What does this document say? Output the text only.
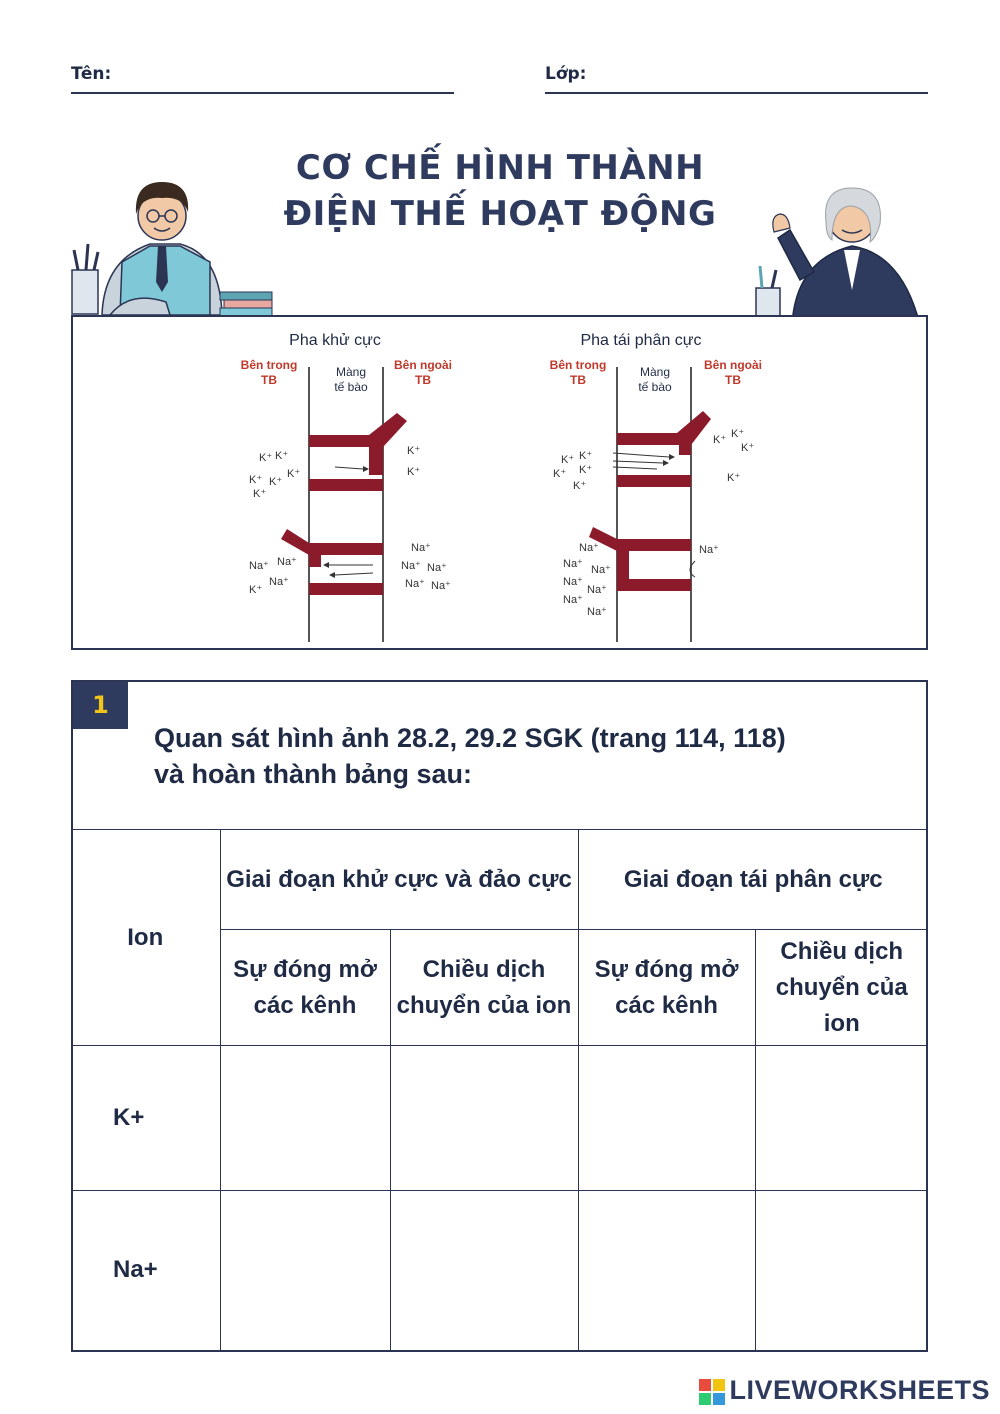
Tên:	Lớp:
CƠ CHẾ HÌNH THÀNH
ĐIỆN THẾ HOẠT ĐỘNG
Pha khử cực
Bên trong
TB
Màng
tế bào
Bên ngoài
TB
K⁺ K⁺
K⁺
K⁺ K⁺
K⁺
K⁺
K⁺
Na⁺ Na⁺
Na⁺
K⁺
Na⁺
Na⁺ Na⁺
Na⁺ Na⁺
Pha tái phân cực
Bên trong
TB
Màng
tế bào
Bên ngoài
TB
K⁺ K⁺
K⁺
K⁺
K⁺
K⁺ K⁺
K⁺
K⁺
Na⁺
Na⁺ Na⁺
Na⁺
Na⁺
Na⁺
Na⁺
Na⁺
1
Quan sát hình ảnh 28.2, 29.2 SGK (trang 114, 118)
và hoàn thành bảng sau:
Ion	Giai đoạn khử cực và đảo cực		Giai đoạn tái phân cực	
	Sự đóng mở các kênh	Chiều dịch chuyển của ion	Sự đóng mở các kênh	Chiều dịch chuyển của ion
K+				
Na+				
LIVEWORKSHEETS
